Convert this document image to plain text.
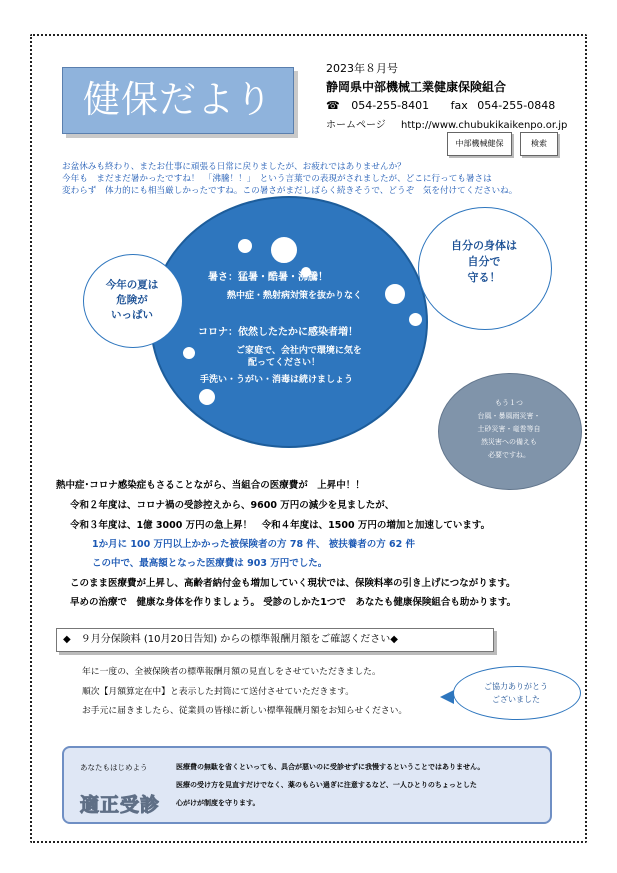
健保だより
2023年８月号
静岡県中部機械工業健康保険組合
☎ 054-255-8401 fax 054-255-0848
ホームページ http://www.chubukikaikenpo.or.jp
中部機械健保	検索
お盆休みも終わり、またお仕事に頑張る日常に戻りましたが、お疲れではありませんか？
今年も　まだまだ暑かったですね！　「沸騰！！」　という言葉での表現がされましたが、どこに行っても暑さは
変わらず　体力的にも相当厳しかったですね。この暑さがまだしばらく続きそうで、どうぞ　気を付けてくださいね。
今年の夏は
危険が
いっぱい
自分の身体は
自分で
守る！
暑さ：猛暑・酷暑・沸騰！
熱中症・熱射病対策を抜かりなく
コロナ：依然したたかに感染者増！
ご家庭で、会社内で環境に気を
配ってください！
手洗い・うがい・消毒は続けましょう
もう１つ
台風・暴風雨災害・
土砂災害・竜巻等自
然災害への備えも
必要ですね。
熱中症･コロナ感染症もさることながら、当組合の医療費が　上昇中！！
令和２年度は、コロナ禍の受診控えから、9600 万円の減少を見ましたが、
令和３年度は、1億 3000 万円の急上昇！　令和４年度は、1500 万円の増加と加速しています。
1か月に 100 万円以上かかった被保険者の方 78 件、 被扶養者の方 62 件
この中で、最高額となった医療費は 903 万円でした。
このまま医療費が上昇し、高齢者納付金も増加していく現状では、保険料率の引き上げにつながります。
早めの治療で　健康な身体を作りましょう。 受診のしかた1つで　あなたも健康保険組合も助かります。
◆　９月分保険料 (10月20日告知) からの標準報酬月額をご確認ください◆
年に一度の、全被保険者の標準報酬月額の見直しをさせていただきました。
順次【月額算定在中】と表示した封筒にて送付させていただきます。
お手元に届きましたら、従業員の皆様に新しい標準報酬月額をお知らせください。
ご協力ありがとう
ございました
あなたもはじめよう
適正受診
医療費の無駄を省くといっても、具合が悪いのに受診せずに我慢するということではありません。
医療の受け方を見直すだけでなく、薬のもらい過ぎに注意するなど、一人ひとりのちょっとした
心がけが制度を守ります。
